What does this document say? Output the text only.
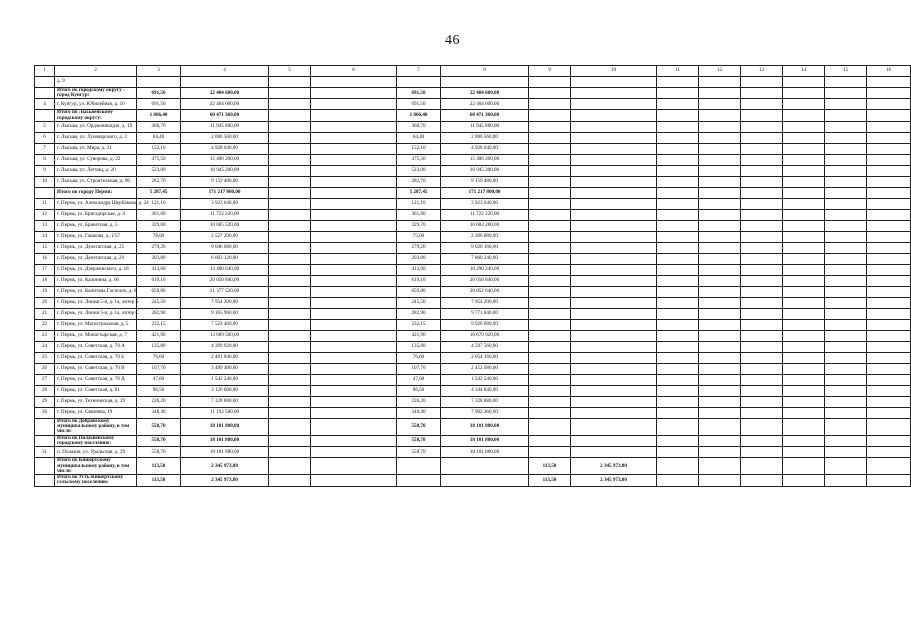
46
1	2	3	4	5	6	7	8	9	10	11	12	13	14	15	16
	д. 9														
	Итого по городскому округу - город Кунгур:	691,50	22 404 600,00			691,50	22 404 600,00								
4	г. Кунгур, ул. Юбилейная, д. 10	691,50	22 404 600,00			691,50	22 404 600,00								
	Итого по Лысьвенскому городскому округу:	1 866,40	60 471 360,00			1 866,40	60 471 360,00								
5	г. Лысьва, ул. Орджоникидзе, д. 19	368,70	11 945 880,00			368,70	11 945 880,00								
6	г. Лысьва, ул. Луначарского, д. 2	64,40	2 086 560,00			64,40	2 086 560,00								
7	г. Лысьва, ул. Мира, д. 21	152,10	4 928 040,00			152,10	4 928 040,00								
8	г. Лысьва, ул. Суворова, д. 22	475,50	15 406 200,00			475,50	15 406 200,00								
9	г. Лысьва, ул. Летчиц, д. 20	523,00	16 945 200,00			523,00	16 945 200,00								
10	г. Лысьва, ул. Строительная, д. 96	282,70	9 159 480,00			282,70	9 159 480,00								
	Итого по городу Перми:	5 287,45	171 217 800,00			5 287,45	171 217 800,00								
11	г. Пермь, ул. Александра Щербакова, д. 24	121,10	3 923 640,00			121,10	3 923 640,00								
12	г. Пермь, ул. Бригадирская, д. 4	361,80	11 722 320,00			361,80	11 722 320,00								
13	г. Пермь, ул. Брикетная, д. 5	329,80	10 685 520,00			329,70	10 682 280,00								
14	г. Пермь, ул. Гашкова, д. 1/57	78,00	2 527 200,00			75,00	2 306 880,00								
15	г. Пермь, ул. Делегатская, д. 25	279,20	9 046 080,00			279,20	9 020 160,00								
16	г. Пермь, ул. Делегатская, д. 29	203,80	6 603 120,00			203,80	7 860 240,00								
17	г. Пермь, ул. Дзержинского, д. 18	413,60	13 400 640,00			413,60	10 290 240,00								
18	г. Пермь, ул. Калинина, д. 66	619,10	20 058 840,00			619,10	20 058 840,00								
19	г. Пермь, ул. Капитана Гастелло, д. 6	659,80	21 377 520,00			659,80	20 852 640,00								
20	г. Пермь, ул. Линия 5-я, д. 1а, литер Б	245,50	7 954 200,00			245,50	7 954 200,00								
21	г. Пермь, ул. Линия 5-я, д. 1а, литер С	282,90	9 165 960,00			282,90	9 771 840,00								
22	г. Пермь, ул. Магистральная, д. 5	232,15	7 523 460,00			232,15	9 920 880,00								
23	г. Пермь, ул. Монастырская, д. 7	421,90	13 669 560,00			421,90	16 670 920,00								
24	г. Пермь, ул. Советская, д. 70 А	135,80	4 399 920,00			135,80	4 597 560,00								
25	г. Пермь, ул. Советская, д. 70 Б	76,60	2 481 840,00			76,60	2 054 160,00								
26	г. Пермь, ул. Советская, д. 70 В	107,70	3 489 480,00			107,70	2 452 680,00								
27	г. Пермь, ул. Советская, д. 70 Д	47,60	1 542 240,00			47,60	1 542 240,00								
28	г. Пермь, ул. Советская, д. 81	96,50	3 126 600,00			96,50	4 344 840,00								
29	г. Пермь, ул. Техническая, д. 29	226,20	7 328 880,00			226,20	7 328 880,00								
30	г. Пермь, ул. Свиязева, 19	348,40	11 192 580,00			348,40	7 902 360,00								
	Итого по Добрянскому муниципальному району, в том числе:	558,70	18 101 880,00			558,70	18 101 880,00								
	Итого по Полазненскому городскому поселению:	558,70	18 101 880,00			558,70	18 101 880,00								
31	п. Полазна, ул. Уральская, д. 29	558,70	18 101 880,00			558,70	18 101 880,00								
	Итого по Кишертскому муниципальному району, в том числе:	113,50	2 345 973,80					113,50	2 345 973,80						
	Итого по Усть-Кишертскому сельскому поселению:	113,50	2 345 973,80					113,50	2 345 973,80						
